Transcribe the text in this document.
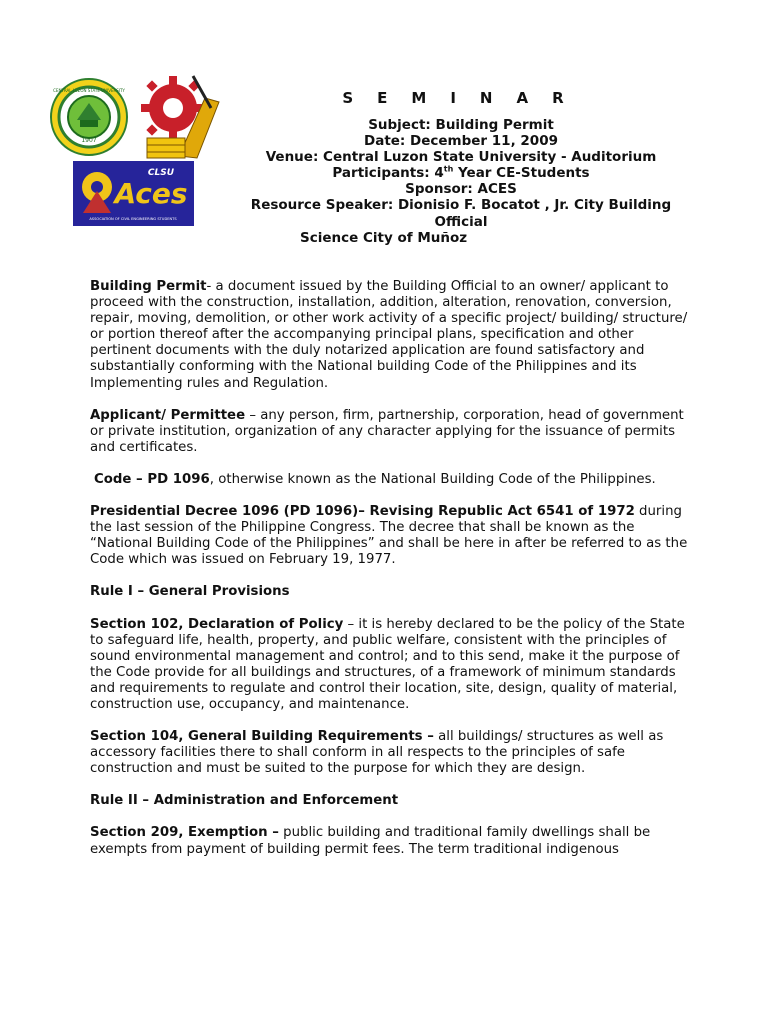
1907
CENTRAL LUZON STATE UNIVERSITY
CLSU
Aces
ASSOCIATION OF CIVIL ENGINEERING STUDENTS
SEMINAR
Subject: Building Permit
Date: December 11, 2009
Venue: Central Luzon State University - Auditorium
Participants: 4th Year CE-Students
Sponsor: ACES
Resource Speaker: Dionisio F. Bocatot , Jr. City Building Official
Science City of Muñoz

Building Permit- a document issued by the Building Official to an owner/ applicant to proceed with the construction, installation, addition, alteration, renovation, conversion, repair, moving, demolition, or other work activity of a specific project/ building/ structure/ or portion thereof after the accompanying principal plans, specification and other pertinent documents with the duly notarized application are found satisfactory and substantially conforming with the National building Code of the Philippines and its Implementing rules and Regulation.

Applicant/ Permittee – any person, firm, partnership, corporation, head of government or private institution, organization of any character applying for the issuance of permits and certificates.

Code – PD 1096, otherwise known as the National Building Code of the Philippines.

Presidential Decree 1096 (PD 1096)– Revising Republic Act 6541 of 1972 during the last session of the Philippine Congress. The decree that shall be known as the “National Building Code of the Philippines” and shall be here in after be referred to as the Code which was issued on February 19, 1977.

Rule I – General Provisions

Section 102, Declaration of Policy – it is hereby declared to be the policy of the State to safeguard life, health, property, and public welfare, consistent with the principles of sound environmental management and control; and to this send, make it the purpose of the Code provide for all buildings and structures, of a framework of minimum standards and requirements to regulate and control their location, site, design, quality of material, construction use, occupancy, and maintenance.

Section 104, General Building Requirements – all buildings/ structures as well as accessory facilities there to shall conform in all respects to the principles of safe construction and must be suited to the purpose for which they are design.

Rule II – Administration and Enforcement

Section 209, Exemption – public building and traditional family dwellings shall be exempts from payment of building permit fees. The term traditional indigenous
